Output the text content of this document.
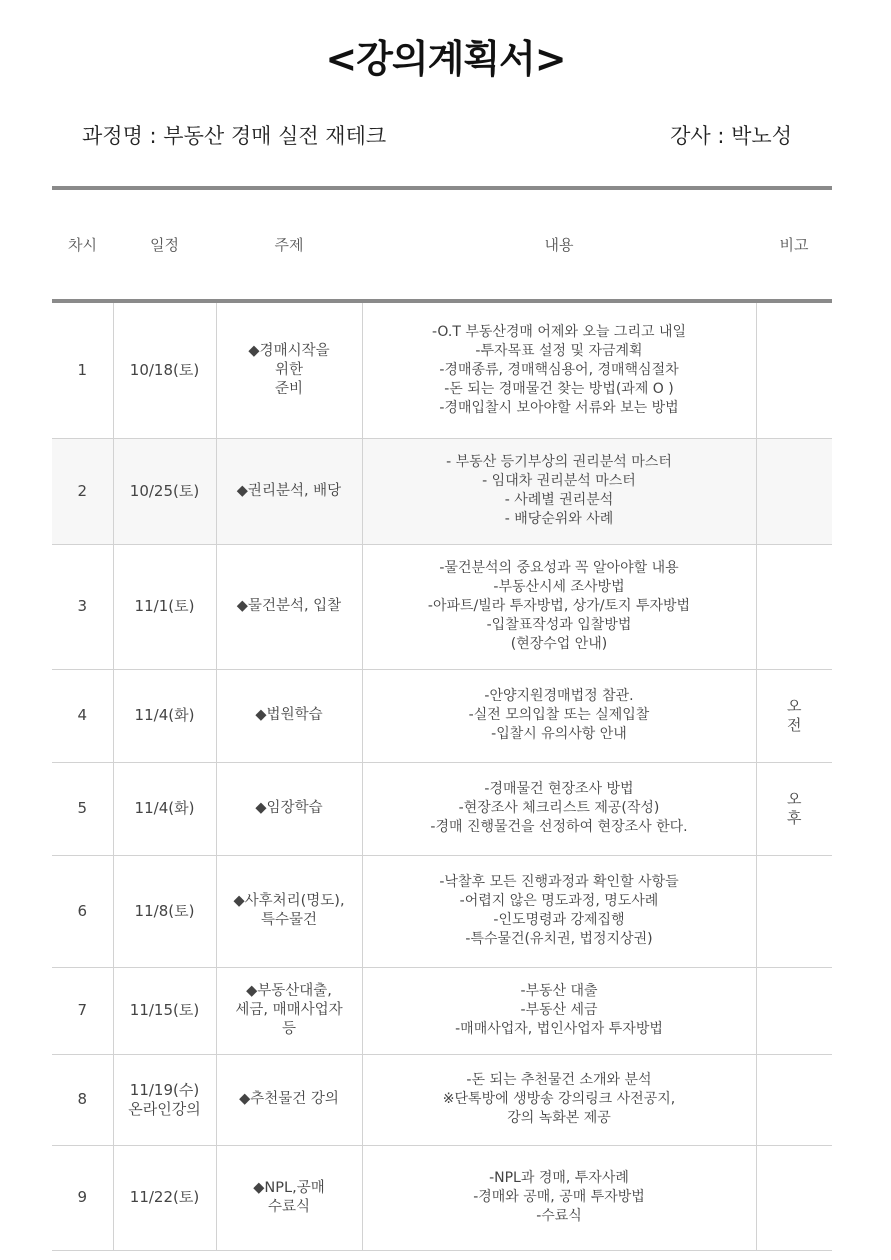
<강의계획서>
과정명 : 부동산 경매 실전 재테크	강사 : 박노성
차시	일정	주제	내용	비고
1	10/18(토)	◆경매시작을
위한
준비	-O.T 부동산경매 어제와 오늘 그리고 내일
-투자목표 설정 및 자금계획
-경매종류, 경매핵심용어, 경매핵심절차
-돈 되는 경매물건 찾는 방법(과제 O )
-경매입찰시 보아야할 서류와 보는 방법	
2	10/25(토)	◆권리분석, 배당	- 부동산 등기부상의 권리분석 마스터
- 임대차 권리분석 마스터
- 사례별 권리분석
- 배당순위와 사례	
3	11/1(토)	◆물건분석, 입찰	-물건분석의 중요성과 꼭 알아야할 내용
-부동산시세 조사방법
-아파트/빌라 투자방법, 상가/토지 투자방법
-입찰표작성과 입찰방법
(현장수업 안내)	
4	11/4(화)	◆법원학습	-안양지원경매법정 참관.
-실전 모의입찰 또는 실제입찰
-입찰시 유의사항 안내	오
전
5	11/4(화)	◆임장학습	-경매물건 현장조사 방법
-현장조사 체크리스트 제공(작성)
-경매 진행물건을 선정하여 현장조사 한다.	오
후
6	11/8(토)	◆사후처리(명도),
특수물건	-낙찰후 모든 진행과정과 확인할 사항들
-어렵지 않은 명도과정, 명도사례
-인도명령과 강제집행
-특수물건(유치권, 법정지상권)	
7	11/15(토)	◆부동산대출,
세금, 매매사업자
등	-부동산 대출
-부동산 세금
-매매사업자, 법인사업자 투자방법	
8	11/19(수)
온라인강의	◆추천물건 강의	-돈 되는 추천물건 소개와 분석
※단톡방에 생방송 강의링크 사전공지,
강의 녹화본 제공	
9	11/22(토)	◆NPL,공매
수료식	-NPL과 경매, 투자사례
-경매와 공매, 공매 투자방법
-수료식	
